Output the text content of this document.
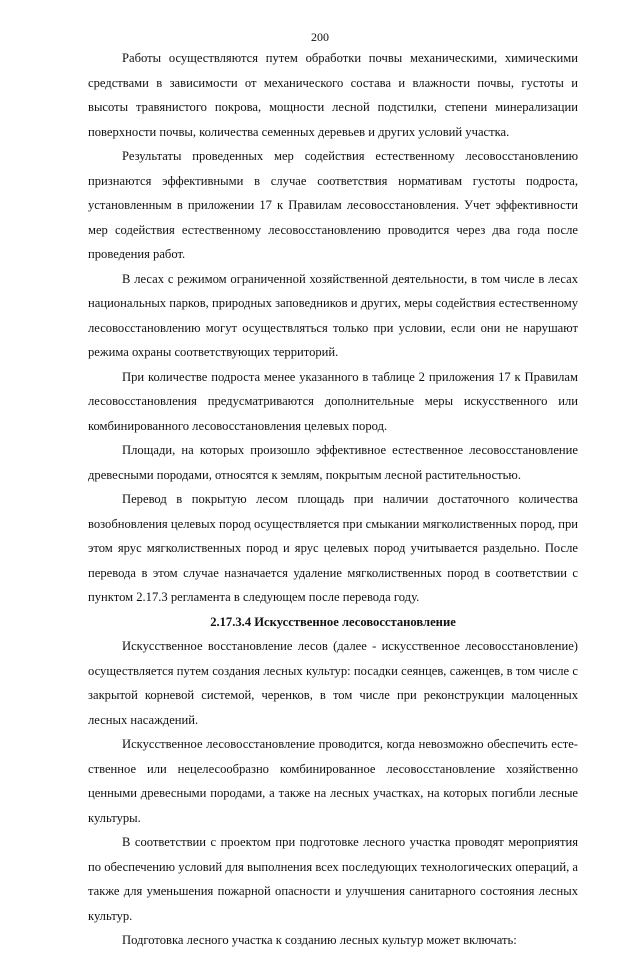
200

Работы осуществляются путем обработки почвы механическими, химическими средствами в зависимости от механического состава и влажности почвы, густоты и высоты травянистого покрова, мощности лесной подстилки, степени минерализации поверхности почвы, количества семенных деревьев и других условий участка.

Результаты проведенных мер содействия естественному лесовосстановлению признаются эффективными в случае соответствия нормативам густоты подроста, установленным в приложении 17 к Правилам лесовосстановления. Учет эффективности мер содействия естественному лесовосстановлению проводится через два года после проведения работ.

В лесах с режимом ограниченной хозяйственной деятельности, в том числе в лесах национальных парков, природных заповедников и других, меры содействия естественному лесовосстановлению могут осуществляться только при условии, если они не нарушают режима охраны соответствующих территорий.

При количестве подроста менее указанного в таблице 2 приложения 17 к Правилам лесовосстановления предусматриваются дополнительные меры искусственного или комбинированного лесовосстановления целевых пород.

Площади, на которых произошло эффективное естественное лесовосстановление древесными породами, относятся к землям, покрытым лесной растительностью.

Перевод в покрытую лесом площадь при наличии достаточного количества возобновления целевых пород осуществляется при смыкании мягколиственных пород, при этом ярус мягколиственных пород и ярус целевых пород учитывается раздельно. После перевода в этом случае назначается удаление мягколиственных пород в соответствии с пунктом 2.17.3 регламента в следующем после перевода году.

2.17.3.4 Искусственное лесовосстановление

Искусственное восстановление лесов (далее - искусственное лесовосстановление) осуществляется путем создания лесных культур: посадки сеянцев, саженцев, в том числе с закрытой корневой системой, черенков, в том числе при реконструкции малоценных лесных насаждений.

Искусственное лесовосстановление проводится, когда невозможно обеспечить естественное или нецелесообразно комбинированное лесовосстановление хозяйственно ценными древесными породами, а также на лесных участках, на которых погибли лесные культуры.

В соответствии с проектом при подготовке лесного участка проводят мероприятия по обеспечению условий для выполнения всех последующих технологических операций, а также для уменьшения пожарной опасности и улучшения санитарного состояния лесных культур.

Подготовка лесного участка к созданию лесных культур может включать:
